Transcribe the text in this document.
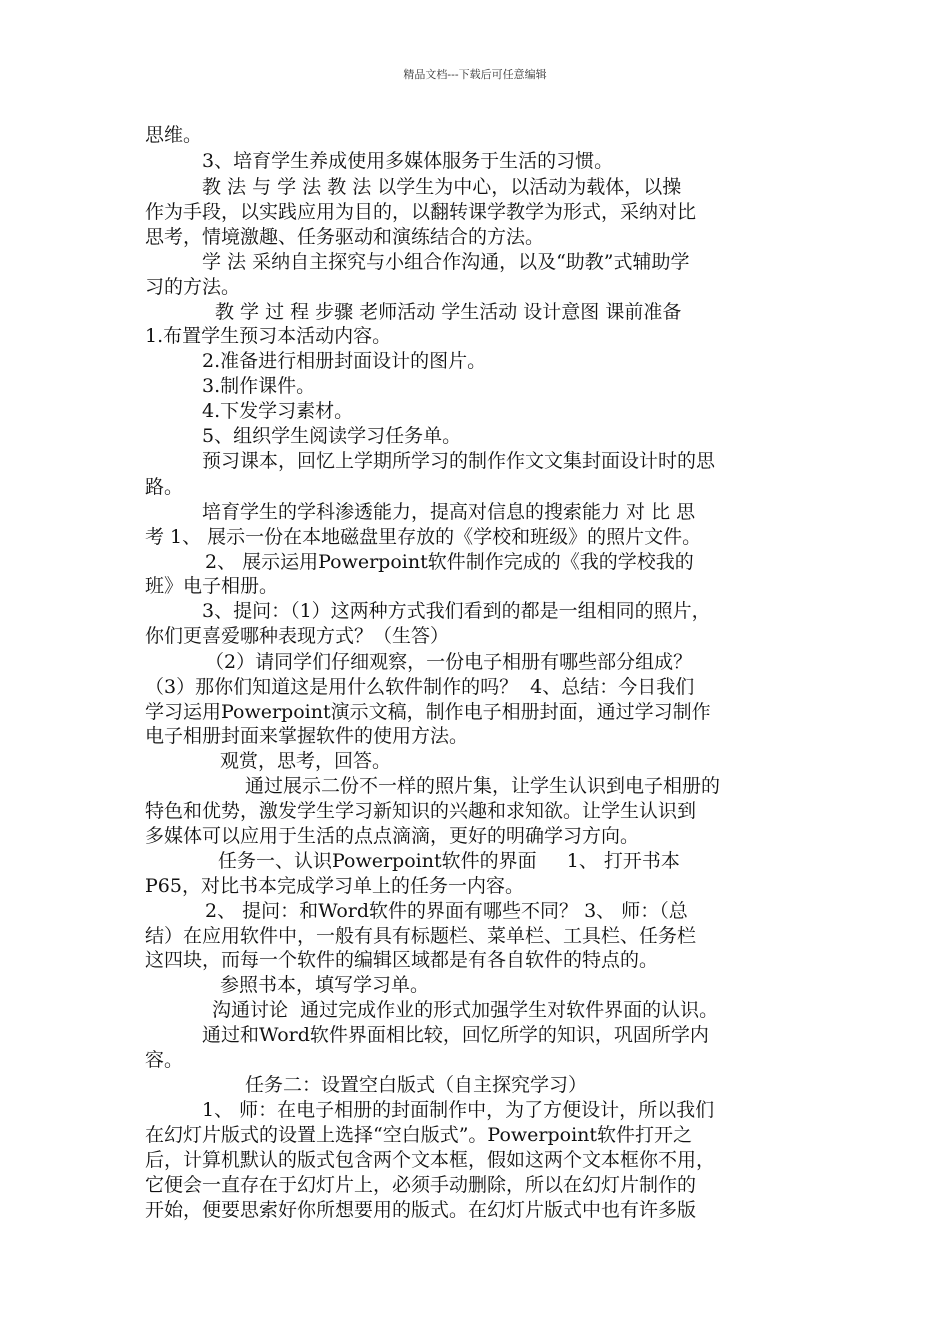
精品文档---下载后可任意编辑
思维。
3、培育学生养成使用多媒体服务于生活的习惯。
教 法 与 学 法 教 法 以学生为中心，以活动为载体，以操
作为手段，以实践应用为目的，以翻转课学教学为形式，采纳对比
思考，情境激趣、任务驱动和演练结合的方法。
学 法 采纳自主探究与小组合作沟通，以及“助教”式辅助学
习的方法。
教 学 过 程 步骤 老师活动 学生活动 设计意图 课前准备
1.布置学生预习本活动内容。
2.准备进行相册封面设计的图片。
3.制作课件。
4.下发学习素材。
5、组织学生阅读学习任务单。
预习课本，回忆上学期所学习的制作作文文集封面设计时的思
路。
培育学生的学科渗透能力，提高对信息的搜索能力 对 比 思
考 1、 展示一份在本地磁盘里存放的《学校和班级》的照片文件。
2、 展示运用Powerpoint软件制作完成的《我的学校我的
班》电子相册。
3、提问：（1）这两种方式我们看到的都是一组相同的照片，
你们更喜爱哪种表现方式？（生答）
（2）请同学们仔细观察，一份电子相册有哪些部分组成？
（3）那你们知道这是用什么软件制作的吗？  4、总结：今日我们
学习运用Powerpoint演示文稿，制作电子相册封面，通过学习制作
电子相册封面来掌握软件的使用方法。
观赏，思考，回答。
通过展示二份不一样的照片集，让学生认识到电子相册的
特色和优势，激发学生学习新知识的兴趣和求知欲。让学生认识到
多媒体可以应用于生活的点点滴滴，更好的明确学习方向。
任务一、认识Powerpoint软件的界面     1、 打开书本
P65，对比书本完成学习单上的任务一内容。
2、 提问：和Word软件的界面有哪些不同？ 3、 师：（总
结）在应用软件中，一般有具有标题栏、菜单栏、工具栏、任务栏
这四块，而每一个软件的编辑区域都是有各自软件的特点的。
参照书本，填写学习单。
沟通讨论  通过完成作业的形式加强学生对软件界面的认识。
通过和Word软件界面相比较，回忆所学的知识，巩固所学内
容。
任务二：设置空白版式（自主探究学习）
1、 师：在电子相册的封面制作中，为了方便设计，所以我们
在幻灯片版式的设置上选择“空白版式”。Powerpoint软件打开之
后，计算机默认的版式包含两个文本框，假如这两个文本框你不用，
它便会一直存在于幻灯片上，必须手动删除，所以在幻灯片制作的
开始，便要思索好你所想要用的版式。在幻灯片版式中也有许多版
